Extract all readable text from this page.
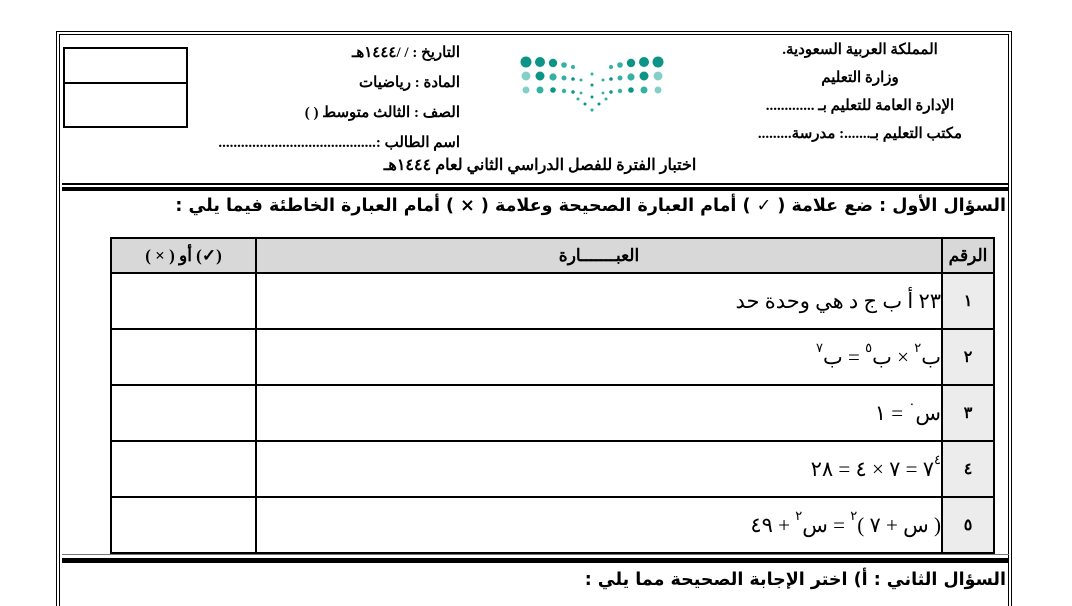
المملكة العربية السعودية.
وزارة التعليم
الإدارة العامة للتعليم بـ .............
مكتب التعليم بـ.......: مدرسة.........
التاريخ : / /١٤٤٤هـ
المادة : رياضيات
الصف : الثالث متوسط ( )
اسم الطالب :..........................................
اختبار الفترة للفصل الدراسي الثاني لعام ١٤٤٤هـ
السؤال الأول : ضع علامة ( ✓ ) أمام العبارة الصحيحة وعلامة ( × ) أمام العبارة الخاطئة فيما يلي :
الرقم	العبـــــــارة	(✓) أو ( × )
١	٢٣ أ ب ج د هي وحدة حد	
٢	ب$^٢$ × ب$^٥$ = ب$^٧$	
٣	س$^٠$ = ١	
٤	$٧^٤$ = ٧ × ٤ = ٢٨	
٥	( س + ٧ )$^٢$ = س$^٢$ + ٤٩	
السؤال الثاني : أ) اختر الإجابة الصحيحة مما يلي :
